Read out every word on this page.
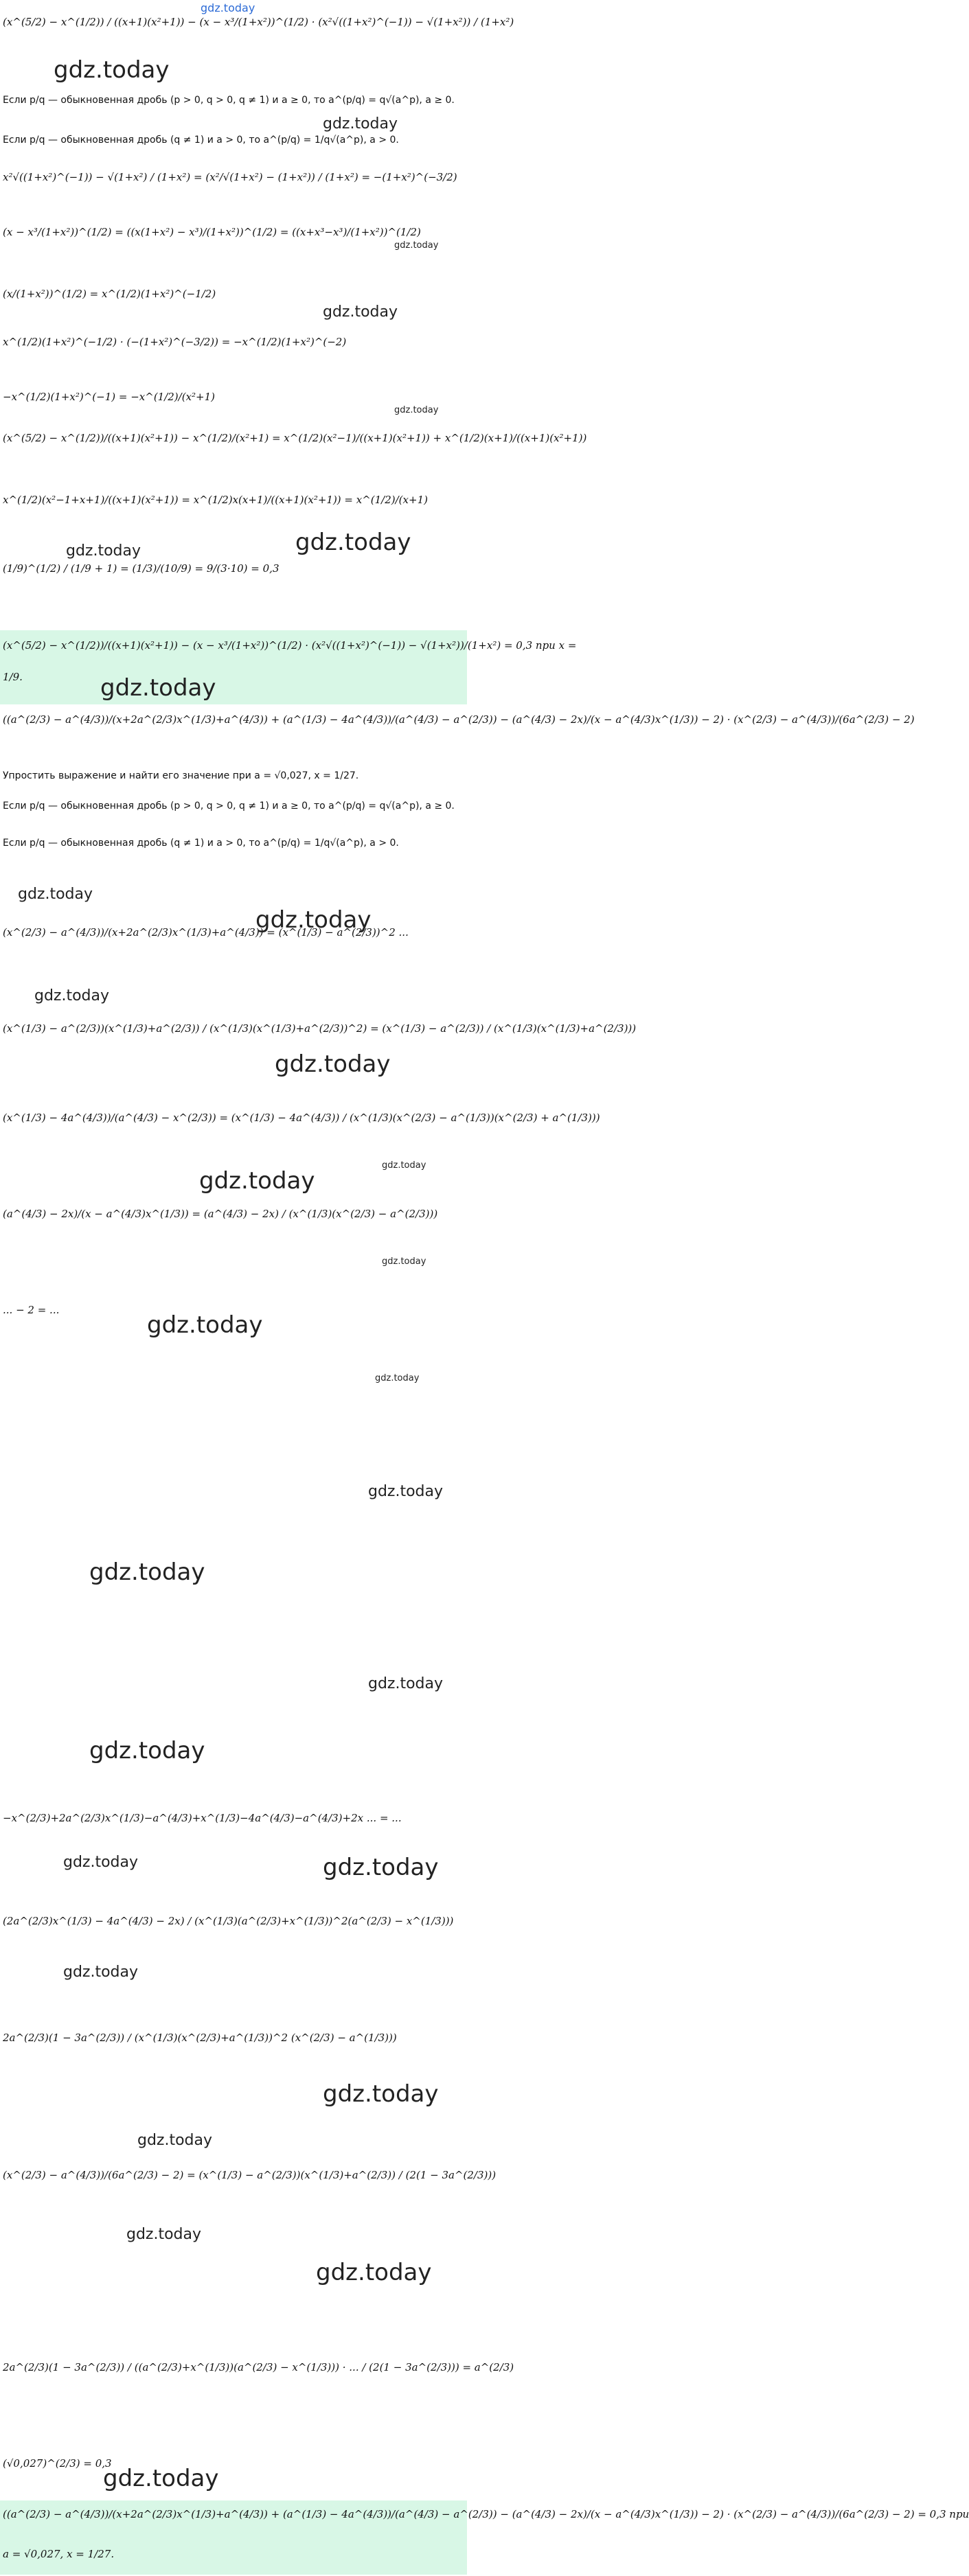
gdz.today
(x^(5/2) − x^(1/2)) / ((x+1)(x²+1)) − (x − x³/(1+x²))^(1/2) · (x²√((1+x²)^(−1)) − √(1+x²)) / (1+x²)
gdz.today
Если p/q — обыкновенная дробь (p > 0, q > 0, q ≠ 1) и a ≥ 0, то a^(p/q) = q√(a^p), a ≥ 0.
gdz.today
Если p/q — обыкновенная дробь (q ≠ 1) и a > 0, то a^(p/q) = 1/q√(a^p), a > 0.
x²√((1+x²)^(−1)) − √(1+x²) / (1+x²) = (x²/√(1+x²) − (1+x²)) / (1+x²) = −(1+x²)^(−3/2)
(x − x³/(1+x²))^(1/2) = ((x(1+x²) − x³)/(1+x²))^(1/2) = ((x+x³−x³)/(1+x²))^(1/2)
gdz.today
(x/(1+x²))^(1/2) = x^(1/2)(1+x²)^(−1/2)
gdz.today
x^(1/2)(1+x²)^(−1/2) · (−(1+x²)^(−3/2)) = −x^(1/2)(1+x²)^(−2)
−x^(1/2)(1+x²)^(−1) = −x^(1/2)/(x²+1)
gdz.today
(x^(5/2) − x^(1/2))/((x+1)(x²+1)) − x^(1/2)/(x²+1) = x^(1/2)(x²−1)/((x+1)(x²+1)) + x^(1/2)(x+1)/((x+1)(x²+1))
x^(1/2)(x²−1+x+1)/((x+1)(x²+1)) = x^(1/2)x(x+1)/((x+1)(x²+1)) = x^(1/2)/(x+1)
gdz.today
(1/9)^(1/2) / (1/9 + 1) = (1/3)/(10/9) = 9/(3·10) = 0,3
gdz.today
(x^(5/2) − x^(1/2))/((x+1)(x²+1)) − (x − x³/(1+x²))^(1/2) · (x²√((1+x²)^(−1)) − √(1+x²))/(1+x²) = 0,3 при x =
1/9.	gdz.today
((a^(2/3) − a^(4/3))/(x+2a^(2/3)x^(1/3)+a^(4/3)) + (a^(1/3) − 4a^(4/3))/(a^(4/3) − a^(2/3)) − (a^(4/3) − 2x)/(x − a^(4/3)x^(1/3)) − 2) · (x^(2/3) − a^(4/3))/(6a^(2/3) − 2)
Упростить выражение и найти его значение при a = √0,027, x = 1/27.
Если p/q — обыкновенная дробь (p > 0, q > 0, q ≠ 1) и a ≥ 0, то a^(p/q) = q√(a^p), a ≥ 0.
Если p/q — обыкновенная дробь (q ≠ 1) и a > 0, то a^(p/q) = 1/q√(a^p), a > 0.
gdz.today
(x^(2/3) − a^(4/3))/(x+2a^(2/3)x^(1/3)+a^(4/3)) = (x^(1/3) − a^(2/3))^2 ...
gdz.today
gdz.today
(x^(1/3) − a^(2/3))(x^(1/3)+a^(2/3)) / (x^(1/3)(x^(1/3)+a^(2/3))^2) = (x^(1/3) − a^(2/3)) / (x^(1/3)(x^(1/3)+a^(2/3)))
gdz.today
(x^(1/3) − 4a^(4/3))/(a^(4/3) − x^(2/3)) = (x^(1/3) − 4a^(4/3)) / (x^(1/3)(x^(2/3) − a^(1/3))(x^(2/3) + a^(1/3)))
gdz.today
gdz.today
(a^(4/3) − 2x)/(x − a^(4/3)x^(1/3)) = (a^(4/3) − 2x) / (x^(1/3)(x^(2/3) − a^(2/3)))
gdz.today
gdz.today
... − 2 = ...
gdz.today
gdz.today
gdz.today
gdz.today
gdz.today
−x^(2/3)+2a^(2/3)x^(1/3)−a^(4/3)+x^(1/3)−4a^(4/3)−a^(4/3)+2x ... = ...
gdz.today
gdz.today
(2a^(2/3)x^(1/3) − 4a^(4/3) − 2x) / (x^(1/3)(a^(2/3)+x^(1/3))^2(a^(2/3) − x^(1/3)))
gdz.today
2a^(2/3)(1 − 3a^(2/3)) / (x^(1/3)(x^(2/3)+a^(1/3))^2 (x^(2/3) − a^(1/3)))
gdz.today
gdz.today
(x^(2/3) − a^(4/3))/(6a^(2/3) − 2) = (x^(1/3) − a^(2/3))(x^(1/3)+a^(2/3)) / (2(1 − 3a^(2/3)))
gdz.today
gdz.today
2a^(2/3)(1 − 3a^(2/3)) / ((a^(2/3)+x^(1/3))(a^(2/3) − x^(1/3))) · ... / (2(1 − 3a^(2/3))) = a^(2/3)
(√0,027)^(2/3) = 0,3
gdz.today
((a^(2/3) − a^(4/3))/(x+2a^(2/3)x^(1/3)+a^(4/3)) + (a^(1/3) − 4a^(4/3))/(a^(4/3) − a^(2/3)) − (a^(4/3) − 2x)/(x − a^(4/3)x^(1/3)) − 2) · (x^(2/3) − a^(4/3))/(6a^(2/3) − 2) = 0,3 при
a = √0,027, x = 1/27.
